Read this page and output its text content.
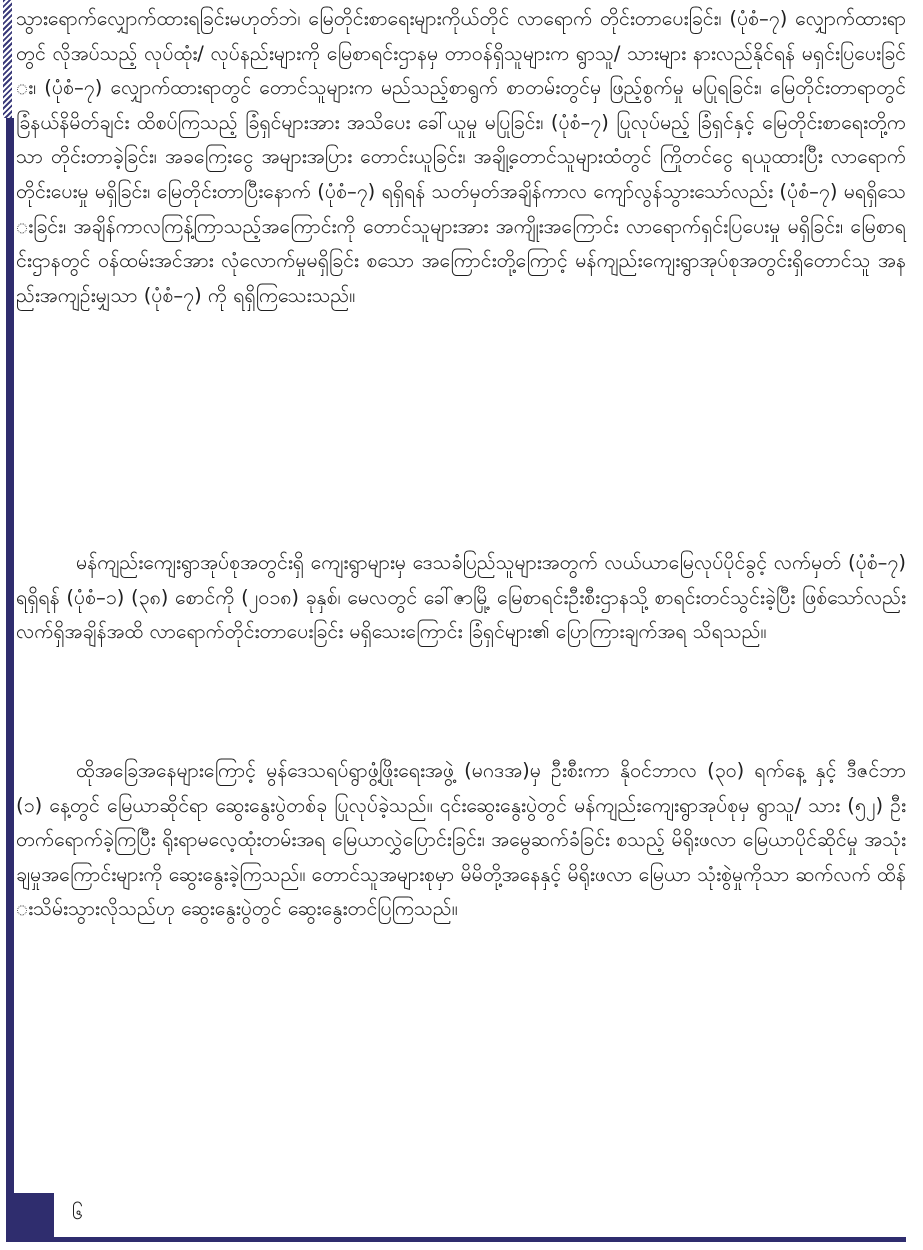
သွားရောက်လျှောက်ထားရခြင်းမဟုတ်ဘဲ၊ မြေတိုင်းစာရေးများကိုယ်တိုင် လာရောက် တိုင်းတာပေးခြင်း၊ (ပုံစံ–၇) လျှောက်ထားရာတွင် လိုအပ်သည့် လုပ်ထုံး/ လုပ်နည်းများကို မြေစာရင်းဌာနမှ တာဝန်ရှိသူများက ရွာသူ/ သားများ နားလည်နိုင်ရန် မရှင်းပြပေးခြင်း၊ (ပုံစံ–၇) လျှောက်ထားရာတွင် တောင်သူများက မည်သည့်စာရွက် စာတမ်းတွင်မှ ဖြည့်စွက်မှု မပြုရခြင်း၊ မြေတိုင်းတာရာတွင် ခြံနယ်နိမိတ်ချင်း ထိစပ်ကြသည့် ခြံရှင်များအား အသိပေး ခေါ်ယူမှု မပြုခြင်း၊ (ပုံစံ–၇) ပြုလုပ်မည့် ခြံရှင်နှင့် မြေတိုင်းစာရေးတို့ကသာ တိုင်းတာခဲ့ခြင်း၊ အခကြေးငွေ အများအပြား တောင်းယူခြင်း၊ အချို့တောင်သူများထံတွင် ကြိုတင်ငွေ ရယူထားပြီး လာရောက်တိုင်းပေးမှု မရှိခြင်း၊ မြေတိုင်းတာပြီးနောက် (ပုံစံ–၇) ရရှိရန် သတ်မှတ်အချိန်ကာလ ကျော်လွန်သွားသော်လည်း (ပုံစံ–၇) မရရှိသေးခြင်း၊ အချိန်ကာလကြန့်ကြာသည့်အကြောင်းကို တောင်သူများအား အကျိုးအကြောင်း လာရောက်ရှင်းပြပေးမှု မရှိခြင်း၊ မြေစာရင်းဌာနတွင် ဝန်ထမ်းအင်အား လုံလောက်မှုမရှိခြင်း စသော အကြောင်းတို့ကြောင့် မန်ကျည်းကျေးရွာအုပ်စုအတွင်းရှိတောင်သူ အနည်းအကျဉ်းမျှသာ (ပုံစံ–၇) ကို ရရှိကြသေးသည်။

မန်ကျည်းကျေးရွာအုပ်စုအတွင်းရှိ ကျေးရွာများမှ ဒေသခံပြည်သူများအတွက် လယ်ယာမြေလုပ်ပိုင်ခွင့် လက်မှတ် (ပုံစံ–၇) ရရှိရန် (ပုံစံ–၁) (၃၈) စောင်ကို (၂၀၁၈) ခုနှစ်၊ မေလတွင် ခေါ်ဇာမြို့ မြေစာရင်းဦးစီးဌာနသို့ စာရင်းတင်သွင်းခဲ့ပြီး ဖြစ်သော်လည်း လက်ရှိအချိန်အထိ လာရောက်တိုင်းတာပေးခြင်း မရှိသေးကြောင်း ခြံရှင်များ၏ ပြောကြားချက်အရ သိရသည်။

ထိုအခြေအနေများကြောင့် မွန်ဒေသရပ်ရွာဖွံ့ဖြိုးရေးအဖွဲ့ (မဂဒအ)မှ ဦးစီးကာ နိုဝင်ဘာလ (၃၀) ရက်နေ့ နှင့် ဒီဇင်ဘာ (၁) နေ့တွင် မြေယာဆိုင်ရာ ဆွေးနွေးပွဲတစ်ခု ပြုလုပ်ခဲ့သည်။ ၎င်းဆွေးနွေးပွဲတွင် မန်ကျည်းကျေးရွာအုပ်စုမှ ရွာသူ/ သား (၅၂) ဦး တက်ရောက်ခဲ့ကြပြီး ရိုးရာမလေ့ထုံးတမ်းအရ မြေယာလွှဲပြောင်းခြင်း၊ အမွေဆက်ခံခြင်း စသည့် မိရိုးဖလာ မြေယာပိုင်ဆိုင်မှု အသုံးချမှုအကြောင်းများကို ဆွေးနွေးခဲ့ကြသည်။ တောင်သူအများစုမှာ မိမိတို့အနေနှင့် မိရိုးဖလာ မြေယာ သုံးစွဲမှုကိုသာ ဆက်လက် ထိန်းသိမ်းသွားလိုသည်ဟု ဆွေးနွေးပွဲတွင် ဆွေးနွေးတင်ပြကြသည်။

၆
